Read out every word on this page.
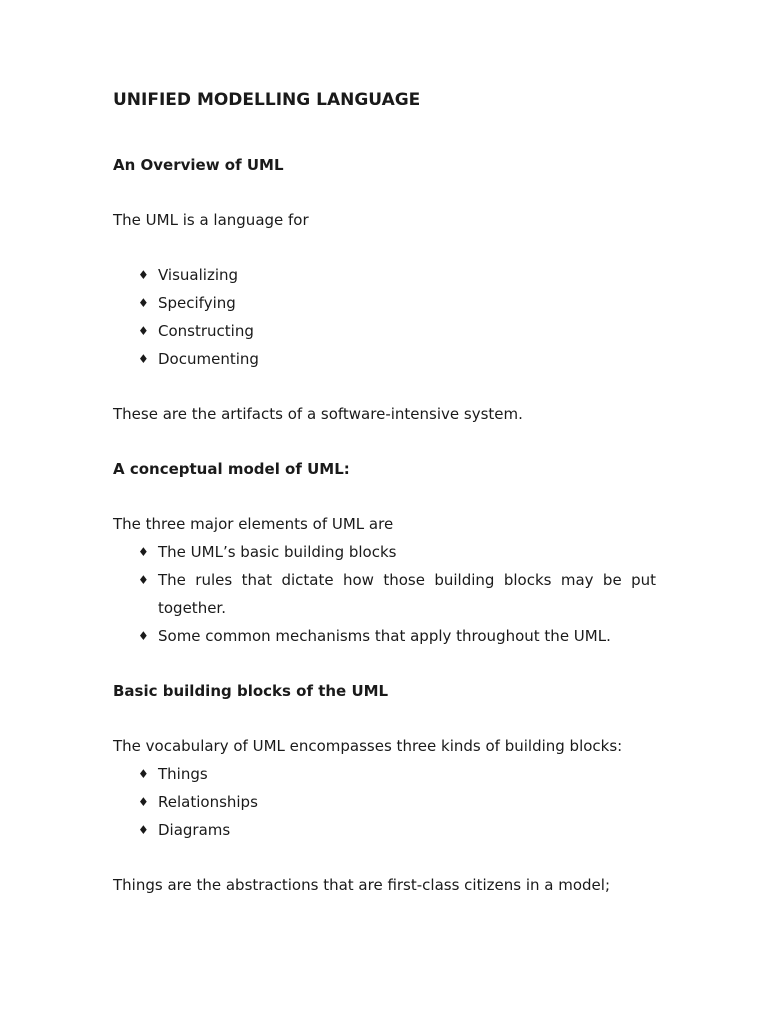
UNIFIED MODELLING LANGUAGE
An Overview of UML
The UML is a language for
♦ Visualizing
♦ Specifying
♦ Constructing
♦ Documenting
These are the artifacts of a software-intensive system.
A conceptual model of UML:
The three major elements of UML are
♦ The UML’s basic building blocks
♦ The rules that dictate how those building blocks may be put
together.
♦ Some common mechanisms that apply throughout the UML.
Basic building blocks of the UML
The vocabulary of UML encompasses three kinds of building blocks:
♦ Things
♦ Relationships
♦ Diagrams
Things are the abstractions that are first-class citizens in a model;
